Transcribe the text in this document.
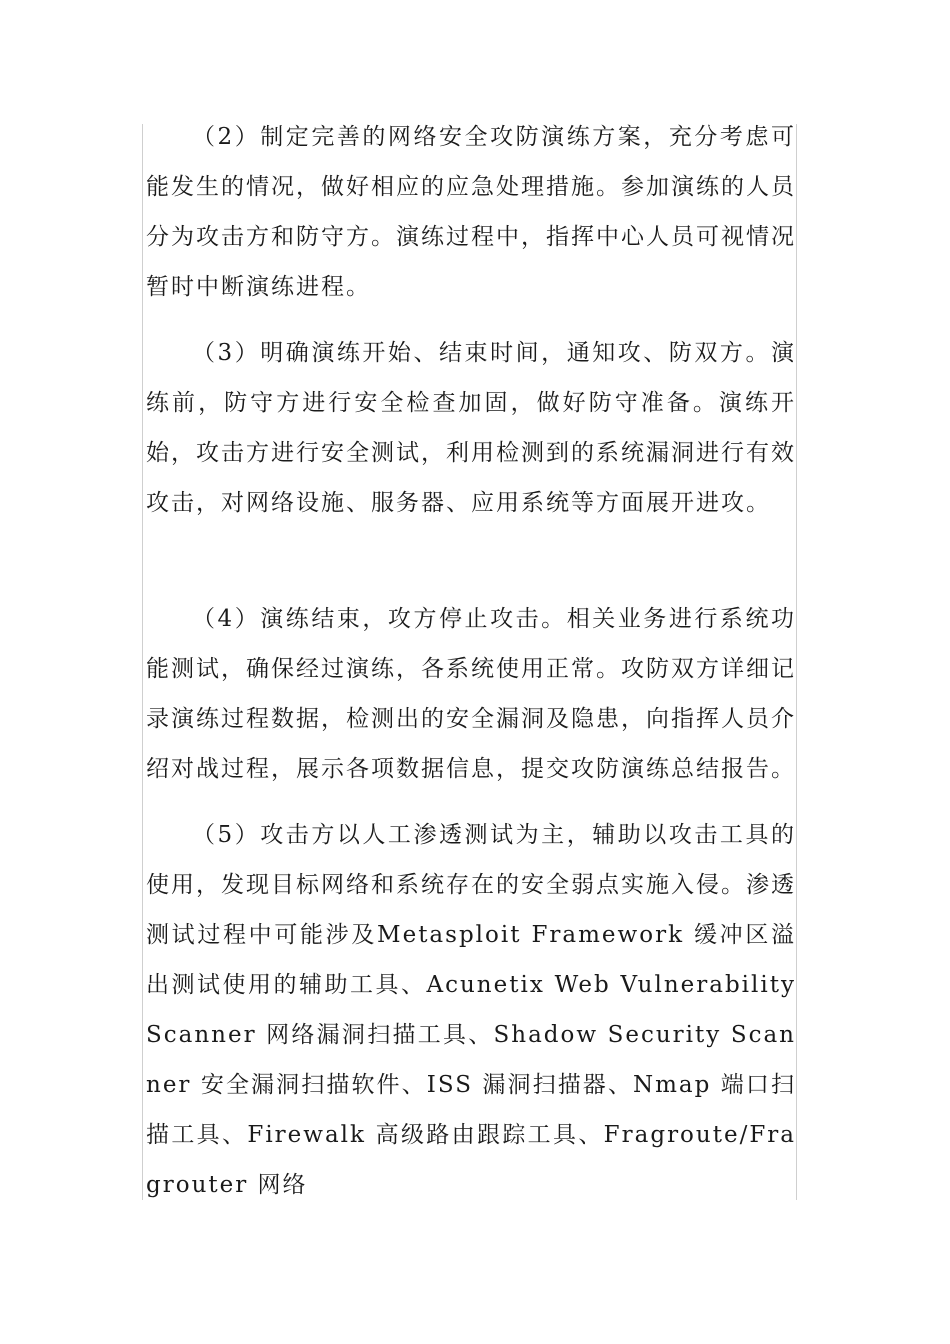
（2）制定完善的网络安全攻防演练方案，充分考虑可能发生的情况，做好相应的应急处理措施。参加演练的人员分为攻击方和防守方。演练过程中，指挥中心人员可视情况暂时中断演练进程。

（3）明确演练开始、结束时间，通知攻、防双方。演练前，防守方进行安全检查加固，做好防守准备。演练开始，攻击方进行安全测试，利用检测到的系统漏洞进行有效攻击，对网络设施、服务器、应用系统等方面展开进攻。

（4）演练结束，攻方停止攻击。相关业务进行系统功能测试，确保经过演练，各系统使用正常。攻防双方详细记录演练过程数据，检测出的安全漏洞及隐患，向指挥人员介绍对战过程，展示各项数据信息，提交攻防演练总结报告。

（5）攻击方以人工渗透测试为主，辅助以攻击工具的使用，发现目标网络和系统存在的安全弱点实施入侵。渗透测试过程中可能涉及Metasploit Framework 缓冲区溢出测试使用的辅助工具、Acunetix Web Vulnerability Scanner 网络漏洞扫描工具、Shadow Security Scanner 安全漏洞扫描软件、ISS 漏洞扫描器、Nmap 端口扫描工具、Firewalk 高级路由跟踪工具、Fragroute/Fragrouter 网络
